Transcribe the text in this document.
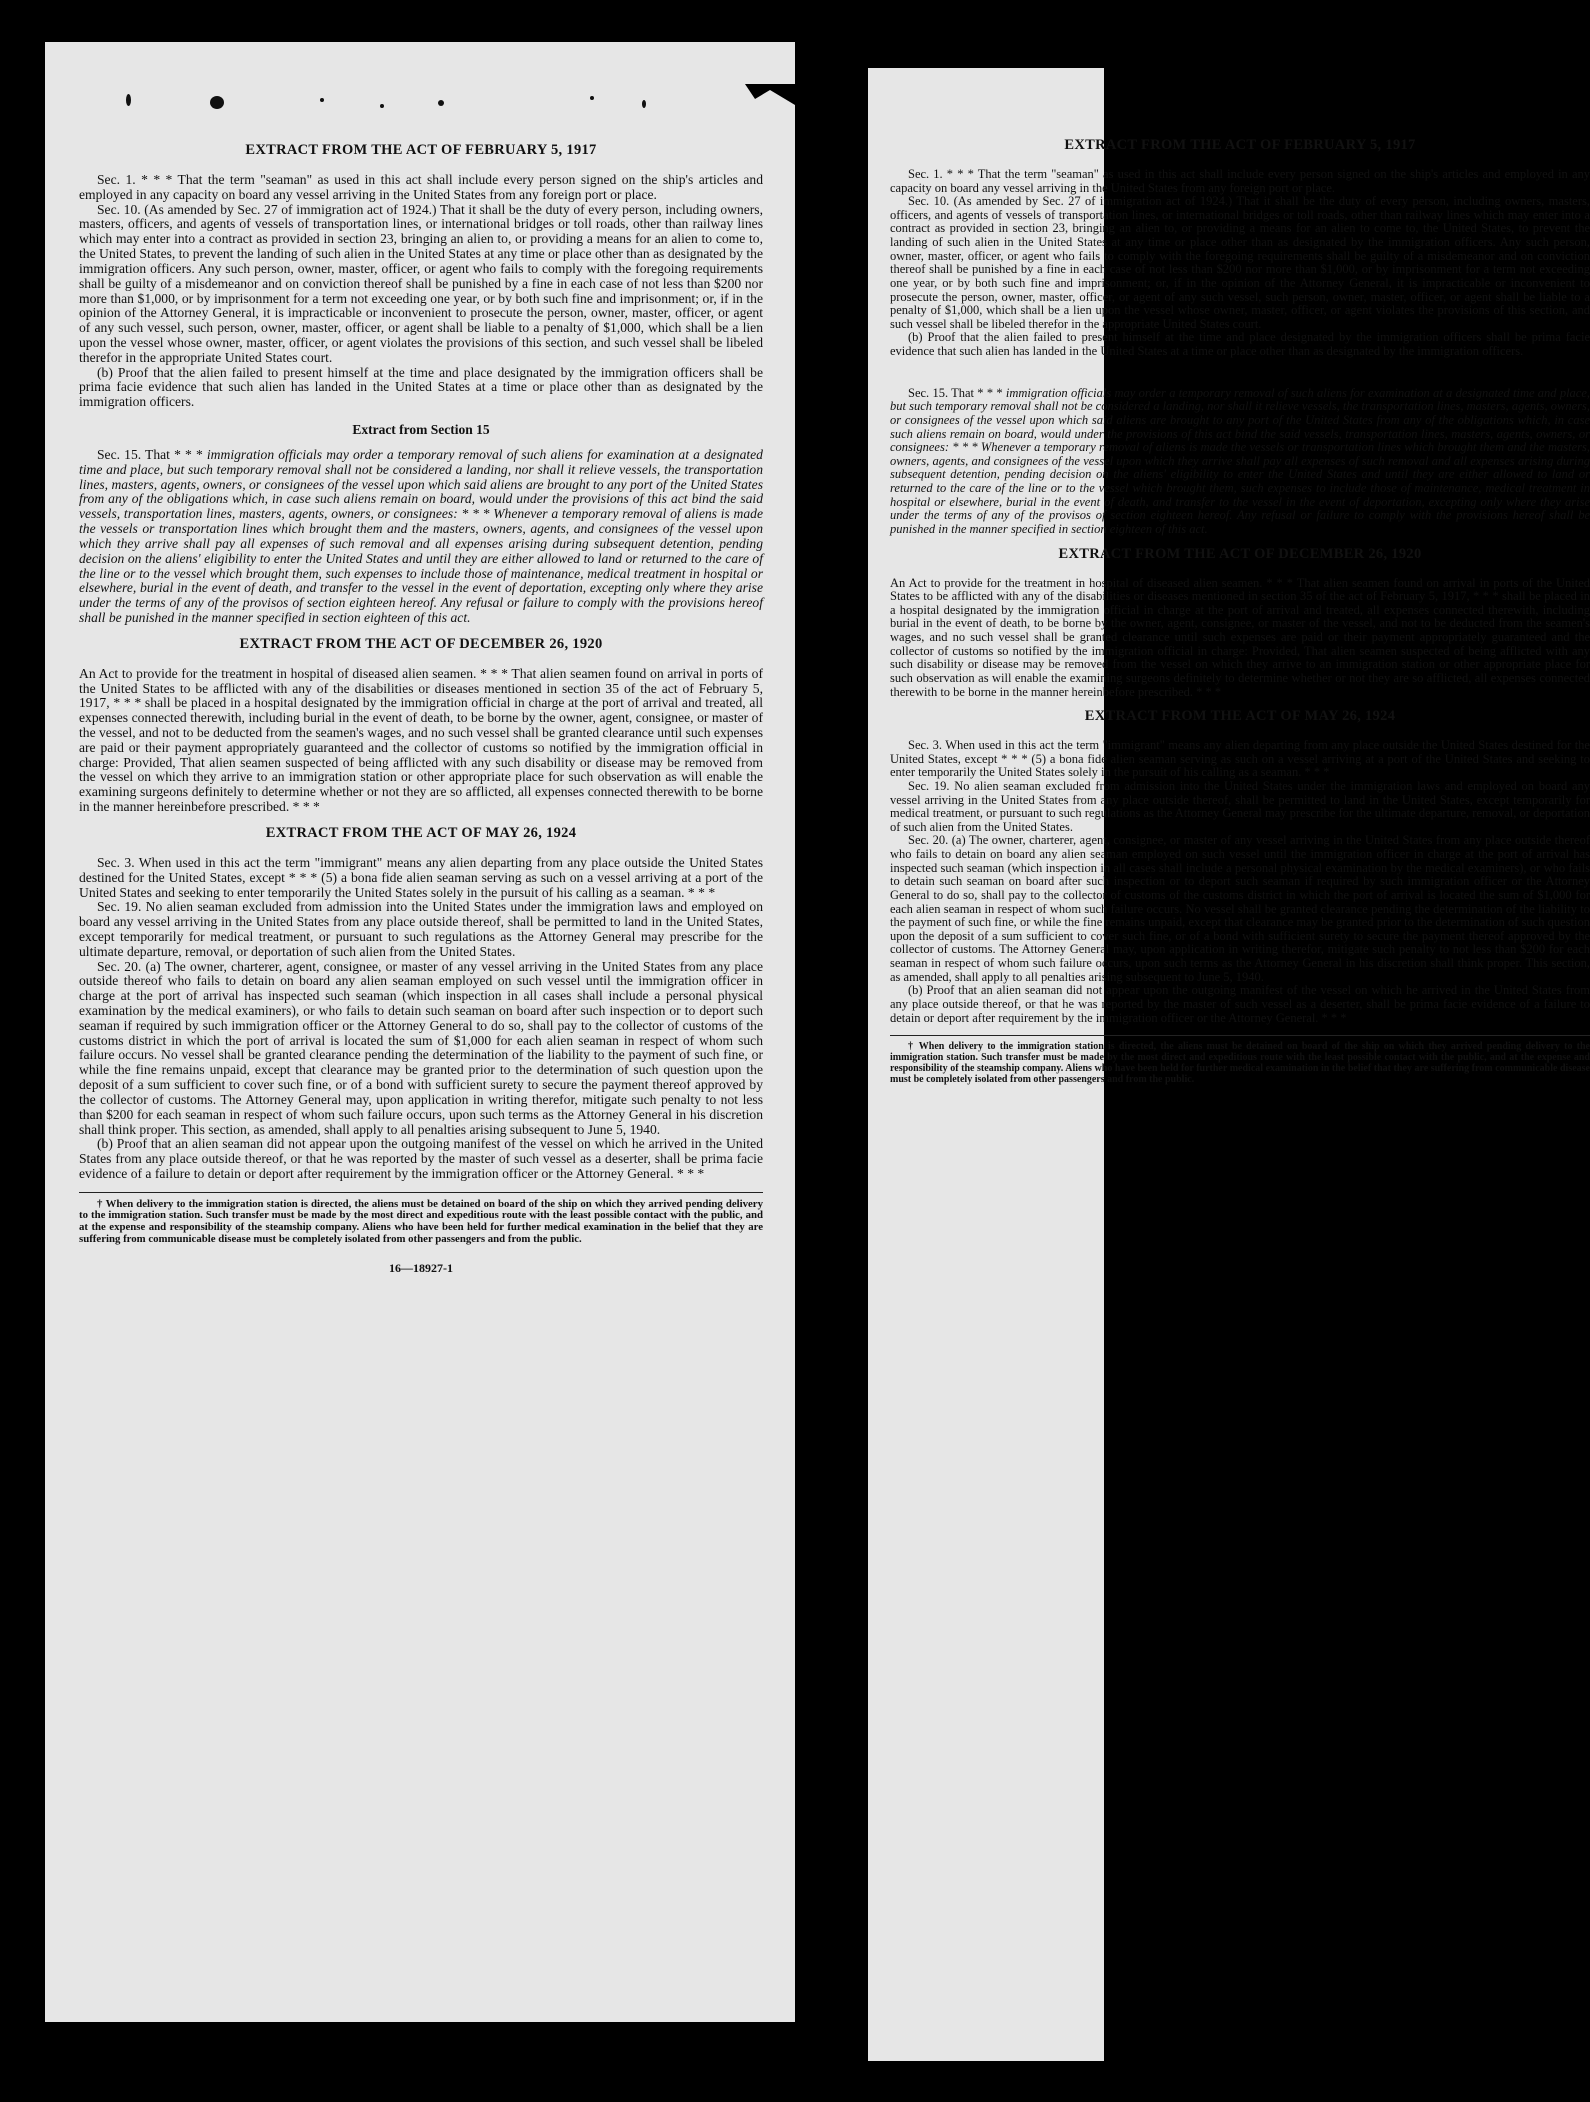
EXTRACT FROM THE ACT OF FEBRUARY 5, 1917

Sec. 1. * * * That the term "seaman" as used in this act shall include every person signed on the ship's articles and employed in any capacity on board any vessel arriving in the United States from any foreign port or place.

Sec. 10. (As amended by Sec. 27 of immigration act of 1924.) That it shall be the duty of every person, including owners, masters, officers, and agents of vessels of transportation lines, or international bridges or toll roads, other than railway lines which may enter into a contract as provided in section 23, bringing an alien to, or providing a means for an alien to come to, the United States, to prevent the landing of such alien in the United States at any time or place other than as designated by the immigration officers. Any such person, owner, master, officer, or agent who fails to comply with the foregoing requirements shall be guilty of a misdemeanor and on conviction thereof shall be punished by a fine in each case of not less than $200 nor more than $1,000, or by imprisonment for a term not exceeding one year, or by both such fine and imprisonment; or, if in the opinion of the Attorney General, it is impracticable or inconvenient to prosecute the person, owner, master, officer, or agent of any such vessel, such person, owner, master, officer, or agent shall be liable to a penalty of $1,000, which shall be a lien upon the vessel whose owner, master, officer, or agent violates the provisions of this section, and such vessel shall be libeled therefor in the appropriate United States court.

(b) Proof that the alien failed to present himself at the time and place designated by the immigration officers shall be prima facie evidence that such alien has landed in the United States at a time or place other than as designated by the immigration officers.

Extract from Section 15

Sec. 15. That * * * immigration officials may order a temporary removal of such aliens for examination at a designated time and place, but such temporary removal shall not be considered a landing, nor shall it relieve vessels, the transportation lines, masters, agents, owners, or consignees of the vessel upon which said aliens are brought to any port of the United States from any of the obligations which, in case such aliens remain on board, would under the provisions of this act bind the said vessels, transportation lines, masters, agents, owners, or consignees: * * * Whenever a temporary removal of aliens is made the vessels or transportation lines which brought them and the masters, owners, agents, and consignees of the vessel upon which they arrive shall pay all expenses of such removal and all expenses arising during subsequent detention, pending decision on the aliens' eligibility to enter the United States and until they are either allowed to land or returned to the care of the line or to the vessel which brought them, such expenses to include those of maintenance, medical treatment in hospital or elsewhere, burial in the event of death, and transfer to the vessel in the event of deportation, excepting only where they arise under the terms of any of the provisos of section eighteen hereof. Any refusal or failure to comply with the provisions hereof shall be punished in the manner specified in section eighteen of this act.

EXTRACT FROM THE ACT OF DECEMBER 26, 1920

An Act to provide for the treatment in hospital of diseased alien seamen. * * * That alien seamen found on arrival in ports of the United States to be afflicted with any of the disabilities or diseases mentioned in section 35 of the act of February 5, 1917, * * * shall be placed in a hospital designated by the immigration official in charge at the port of arrival and treated, all expenses connected therewith, including burial in the event of death, to be borne by the owner, agent, consignee, or master of the vessel, and not to be deducted from the seamen's wages, and no such vessel shall be granted clearance until such expenses are paid or their payment appropriately guaranteed and the collector of customs so notified by the immigration official in charge: Provided, That alien seamen suspected of being afflicted with any such disability or disease may be removed from the vessel on which they arrive to an immigration station or other appropriate place for such observation as will enable the examining surgeons definitely to determine whether or not they are so afflicted, all expenses connected therewith to be borne in the manner hereinbefore prescribed. * * *

EXTRACT FROM THE ACT OF MAY 26, 1924

Sec. 3. When used in this act the term "immigrant" means any alien departing from any place outside the United States destined for the United States, except * * * (5) a bona fide alien seaman serving as such on a vessel arriving at a port of the United States and seeking to enter temporarily the United States solely in the pursuit of his calling as a seaman. * * *

Sec. 19. No alien seaman excluded from admission into the United States under the immigration laws and employed on board any vessel arriving in the United States from any place outside thereof, shall be permitted to land in the United States, except temporarily for medical treatment, or pursuant to such regulations as the Attorney General may prescribe for the ultimate departure, removal, or deportation of such alien from the United States.

Sec. 20. (a) The owner, charterer, agent, consignee, or master of any vessel arriving in the United States from any place outside thereof who fails to detain on board any alien seaman employed on such vessel until the immigration officer in charge at the port of arrival has inspected such seaman (which inspection in all cases shall include a personal physical examination by the medical examiners), or who fails to detain such seaman on board after such inspection or to deport such seaman if required by such immigration officer or the Attorney General to do so, shall pay to the collector of customs of the customs district in which the port of arrival is located the sum of $1,000 for each alien seaman in respect of whom such failure occurs. No vessel shall be granted clearance pending the determination of the liability to the payment of such fine, or while the fine remains unpaid, except that clearance may be granted prior to the determination of such question upon the deposit of a sum sufficient to cover such fine, or of a bond with sufficient surety to secure the payment thereof approved by the collector of customs. The Attorney General may, upon application in writing therefor, mitigate such penalty to not less than $200 for each seaman in respect of whom such failure occurs, upon such terms as the Attorney General in his discretion shall think proper. This section, as amended, shall apply to all penalties arising subsequent to June 5, 1940.

(b) Proof that an alien seaman did not appear upon the outgoing manifest of the vessel on which he arrived in the United States from any place outside thereof, or that he was reported by the master of such vessel as a deserter, shall be prima facie evidence of a failure to detain or deport after requirement by the immigration officer or the Attorney General. * * *

† When delivery to the immigration station is directed, the aliens must be detained on board of the ship on which they arrived pending delivery to the immigration station. Such transfer must be made by the most direct and expeditious route with the least possible contact with the public, and at the expense and responsibility of the steamship company. Aliens who have been held for further medical examination in the belief that they are suffering from communicable disease must be completely isolated from other passengers and from the public.

16—18927-1
EXTRACT FROM THE ACT OF FEBRUARY 5, 1917

Sec. 1. * * * That the term "seaman" as used in this act shall include every person signed on the ship's articles and employed in any capacity on board any vessel arriving in the United States from any foreign port or place.

Sec. 10. (As amended by Sec. 27 of immigration act of 1924.) That it shall be the duty of every person, including owners, masters, officers, and agents of vessels of transportation lines, or international bridges or toll roads, other than railway lines which may enter into a contract as provided in section 23, bringing an alien to, or providing a means for an alien to come to, the United States, to prevent the landing of such alien in the United States at any time or place other than as designated by the immigration officers. Any such person, owner, master, officer, or agent who fails to comply with the foregoing requirements shall be guilty of a misdemeanor and on conviction thereof shall be punished by a fine in each case of not less than $200 nor more than $1,000, or by imprisonment for a term not exceeding one year, or by both such fine and imprisonment; or, if in the opinion of the Attorney General, it is impracticable or inconvenient to prosecute the person, owner, master, officer, or agent of any such vessel, such person, owner, master, officer, or agent shall be liable to a penalty of $1,000, which shall be a lien upon the vessel whose owner, master, officer, or agent violates the provisions of this section, and such vessel shall be libeled therefor in the appropriate United States court.

(b) Proof that the alien failed to present himself at the time and place designated by the immigration officers shall be prima facie evidence that such alien has landed in the United States at a time or place other than as designated by the immigration officers.

Sec. 15. That * * * immigration officials may order a temporary removal of such aliens for examination at a designated time and place, but such temporary removal shall not be considered a landing, nor shall it relieve vessels, the transportation lines, masters, agents, owners, or consignees of the vessel upon which said aliens are brought to any port of the United States from any of the obligations which, in case such aliens remain on board, would under the provisions of this act bind the said vessels, transportation lines, masters, agents, owners, or consignees: * * * Whenever a temporary removal of aliens is made the vessels or transportation lines which brought them and the masters, owners, agents, and consignees of the vessel upon which they arrive shall pay all expenses of such removal and all expenses arising during subsequent detention, pending decision on the aliens' eligibility to enter the United States and until they are either allowed to land or returned to the care of the line or to the vessel which brought them, such expenses to include those of maintenance, medical treatment in hospital or elsewhere, burial in the event of death, and transfer to the vessel in the event of deportation, excepting only where they arise under the terms of any of the provisos of section eighteen hereof. Any refusal or failure to comply with the provisions hereof shall be punished in the manner specified in section eighteen of this act.

EXTRACT FROM THE ACT OF DECEMBER 26, 1920

An Act to provide for the treatment in hospital of diseased alien seamen. * * * That alien seamen found on arrival in ports of the United States to be afflicted with any of the disabilities or diseases mentioned in section 35 of the act of February 5, 1917, * * * shall be placed in a hospital designated by the immigration official in charge at the port of arrival and treated, all expenses connected therewith, including burial in the event of death, to be borne by the owner, agent, consignee, or master of the vessel, and not to be deducted from the seamen's wages, and no such vessel shall be granted clearance until such expenses are paid or their payment appropriately guaranteed and the collector of customs so notified by the immigration official in charge: Provided, That alien seamen suspected of being afflicted with any such disability or disease may be removed from the vessel on which they arrive to an immigration station or other appropriate place for such observation as will enable the examining surgeons definitely to determine whether or not they are so afflicted, all expenses connected therewith to be borne in the manner hereinbefore prescribed. * * *

EXTRACT FROM THE ACT OF MAY 26, 1924

Sec. 3. When used in this act the term "immigrant" means any alien departing from any place outside the United States destined for the United States, except * * * (5) a bona fide alien seaman serving as such on a vessel arriving at a port of the United States and seeking to enter temporarily the United States solely in the pursuit of his calling as a seaman. * * *

Sec. 19. No alien seaman excluded from admission into the United States under the immigration laws and employed on board any vessel arriving in the United States from any place outside thereof, shall be permitted to land in the United States, except temporarily for medical treatment, or pursuant to such regulations as the Attorney General may prescribe for the ultimate departure, removal, or deportation of such alien from the United States.

Sec. 20. (a) The owner, charterer, agent, consignee, or master of any vessel arriving in the United States from any place outside thereof who fails to detain on board any alien seaman employed on such vessel until the immigration officer in charge at the port of arrival has inspected such seaman (which inspection in all cases shall include a personal physical examination by the medical examiners), or who fails to detain such seaman on board after such inspection or to deport such seaman if required by such immigration officer or the Attorney General to do so, shall pay to the collector of customs of the customs district in which the port of arrival is located the sum of $1,000 for each alien seaman in respect of whom such failure occurs. No vessel shall be granted clearance pending the determination of the liability to the payment of such fine, or while the fine remains unpaid, except that clearance may be granted prior to the determination of such question upon the deposit of a sum sufficient to cover such fine, or of a bond with sufficient surety to secure the payment thereof approved by the collector of customs. The Attorney General may, upon application in writing therefor, mitigate such penalty to not less than $200 for each seaman in respect of whom such failure occurs, upon such terms as the Attorney General in his discretion shall think proper. This section, as amended, shall apply to all penalties arising subsequent to June 5, 1940.

(b) Proof that an alien seaman did not appear upon the outgoing manifest of the vessel on which he arrived in the United States from any place outside thereof, or that he was reported by the master of such vessel as a deserter, shall be prima facie evidence of a failure to detain or deport after requirement by the immigration officer or the Attorney General. * * *

† When delivery to the immigration station is directed, the aliens must be detained on board of the ship on which they arrived pending delivery to the immigration station. Such transfer must be made by the most direct and expeditious route with the least possible contact with the public, and at the expense and responsibility of the steamship company. Aliens who have been held for further medical examination in the belief that they are suffering from communicable disease must be completely isolated from other passengers and from the public.
